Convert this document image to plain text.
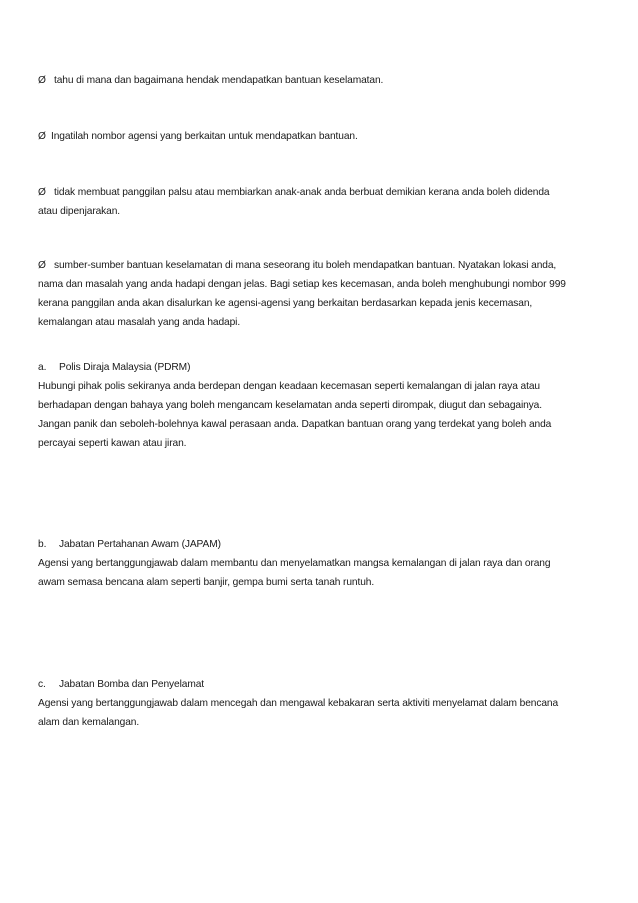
Ø tahu di mana dan bagaimana hendak mendapatkan bantuan keselamatan.
Ø Ingatilah nombor agensi yang berkaitan untuk mendapatkan bantuan.
Ø tidak membuat panggilan palsu atau membiarkan anak-anak anda berbuat demikian kerana anda boleh didenda
atau dipenjarakan.
Ø sumber-sumber bantuan keselamatan di mana seseorang itu boleh mendapatkan bantuan. Nyatakan lokasi anda,
nama dan masalah yang anda hadapi dengan jelas. Bagi setiap kes kecemasan, anda boleh menghubungi nombor 999
kerana panggilan anda akan disalurkan ke agensi-agensi yang berkaitan berdasarkan kepada jenis kecemasan,
kemalangan atau masalah yang anda hadapi.
a. Polis Diraja Malaysia (PDRM)
Hubungi pihak polis sekiranya anda berdepan dengan keadaan kecemasan seperti kemalangan di jalan raya atau
berhadapan dengan bahaya yang boleh mengancam keselamatan anda seperti dirompak, diugut dan sebagainya.
Jangan panik dan seboleh-bolehnya kawal perasaan anda. Dapatkan bantuan orang yang terdekat yang boleh anda
percayai seperti kawan atau jiran.
b. Jabatan Pertahanan Awam (JAPAM)
Agensi yang bertanggungjawab dalam membantu dan menyelamatkan mangsa kemalangan di jalan raya dan orang
awam semasa bencana alam seperti banjir, gempa bumi serta tanah runtuh.
c. Jabatan Bomba dan Penyelamat
Agensi yang bertanggungjawab dalam mencegah dan mengawal kebakaran serta aktiviti menyelamat dalam bencana
alam dan kemalangan.
